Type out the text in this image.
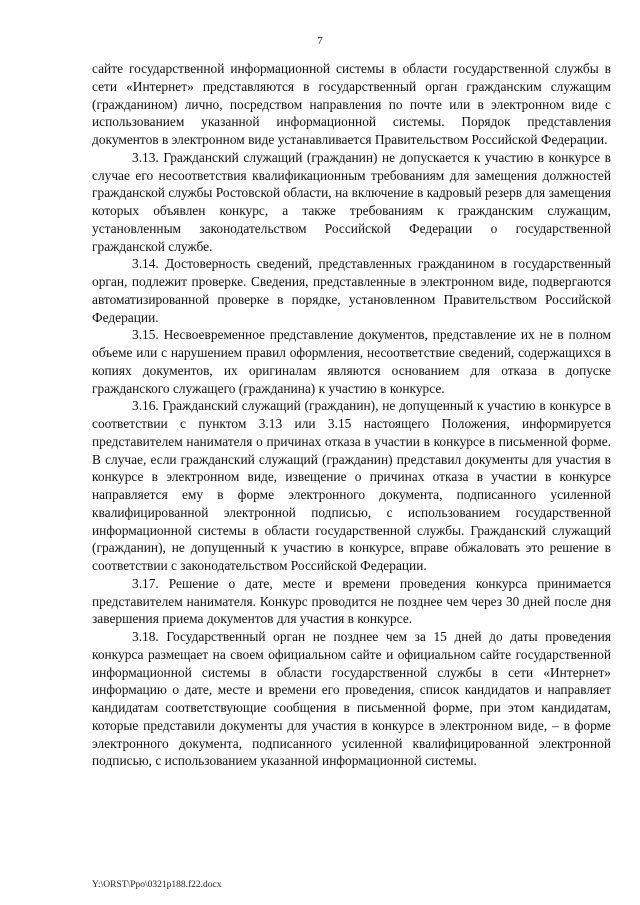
7

сайте государственной информационной системы в области государственной службы в сети «Интернет» представляются в государственный орган гражданским служащим (гражданином) лично, посредством направления по почте или в электронном виде с использованием указанной информационной системы. Порядок представления документов в электронном виде устанавливается Правительством Российской Федерации.

3.13. Гражданский служащий (гражданин) не допускается к участию в конкурсе в случае его несоответствия квалификационным требованиям для замещения должностей гражданской службы Ростовской области, на включение в кадровый резерв для замещения которых объявлен конкурс, а также требованиям к гражданским служащим, установленным законодательством Российской Федерации о государственной гражданской службе.

3.14. Достоверность сведений, представленных гражданином в государственный орган, подлежит проверке. Сведения, представленные в электронном виде, подвергаются автоматизированной проверке в порядке, установленном Правительством Российской Федерации.

3.15. Несвоевременное представление документов, представление их не в полном объеме или с нарушением правил оформления, несоответствие сведений, содержащихся в копиях документов, их оригиналам являются основанием для отказа в допуске гражданского служащего (гражданина) к участию в конкурсе.

3.16. Гражданский служащий (гражданин), не допущенный к участию в конкурсе в соответствии с пунктом 3.13 или 3.15 настоящего Положения, информируется представителем нанимателя о причинах отказа в участии в конкурсе в письменной форме. В случае, если гражданский служащий (гражданин) представил документы для участия в конкурсе в электронном виде, извещение о причинах отказа в участии в конкурсе направляется ему в форме электронного документа, подписанного усиленной квалифицированной электронной подписью, с использованием государственной информационной системы в области государственной службы. Гражданский служащий (гражданин), не допущенный к участию в конкурсе, вправе обжаловать это решение в соответствии с законодательством Российской Федерации.

3.17. Решение о дате, месте и времени проведения конкурса принимается представителем нанимателя. Конкурс проводится не позднее чем через 30 дней после дня завершения приема документов для участия в конкурсе.

3.18. Государственный орган не позднее чем за 15 дней до даты проведения конкурса размещает на своем официальном сайте и официальном сайте государственной информационной системы в области государственной службы в сети «Интернет» информацию о дате, месте и времени его проведения, список кандидатов и направляет кандидатам соответствующие сообщения в письменной форме, при этом кандидатам, которые представили документы для участия в конкурсе в электронном виде, – в форме электронного документа, подписанного усиленной квалифицированной электронной подписью, с использованием указанной информационной системы.

Y:\ORST\Ppo\0321p188.f22.docx
